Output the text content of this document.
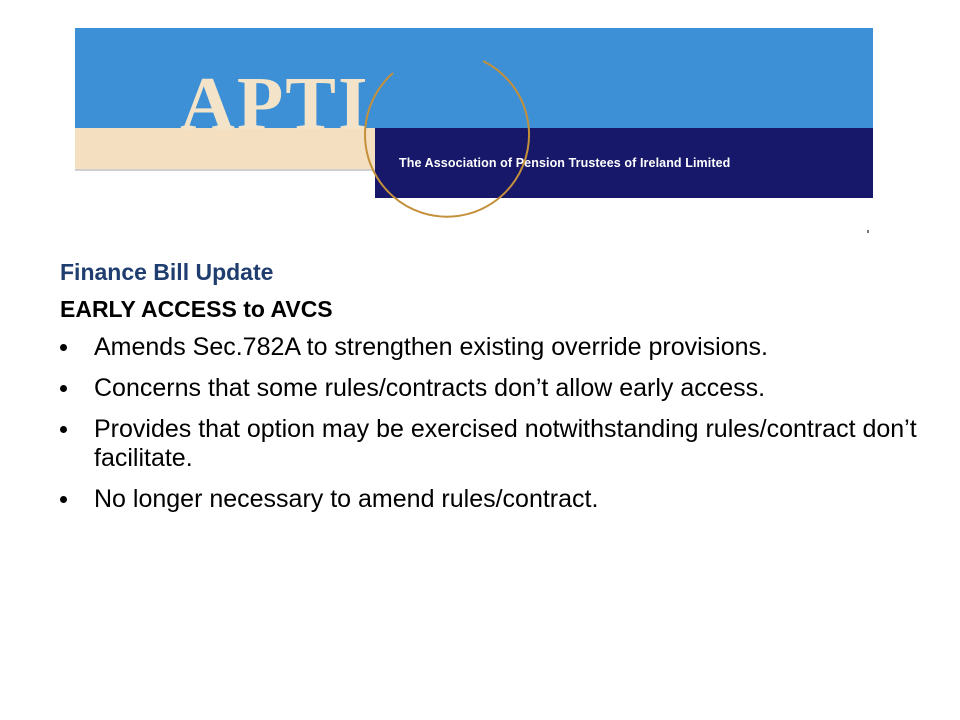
The Association of Pension Trustees of Ireland Limited
APTI
Finance Bill Update
EARLY ACCESS to AVCS
Amends Sec.782A to strengthen existing override provisions.
Concerns that some rules/contracts don’t allow early access.
Provides that option may be exercised notwithstanding rules/contract don’t facilitate.
No longer necessary to amend rules/contract.
